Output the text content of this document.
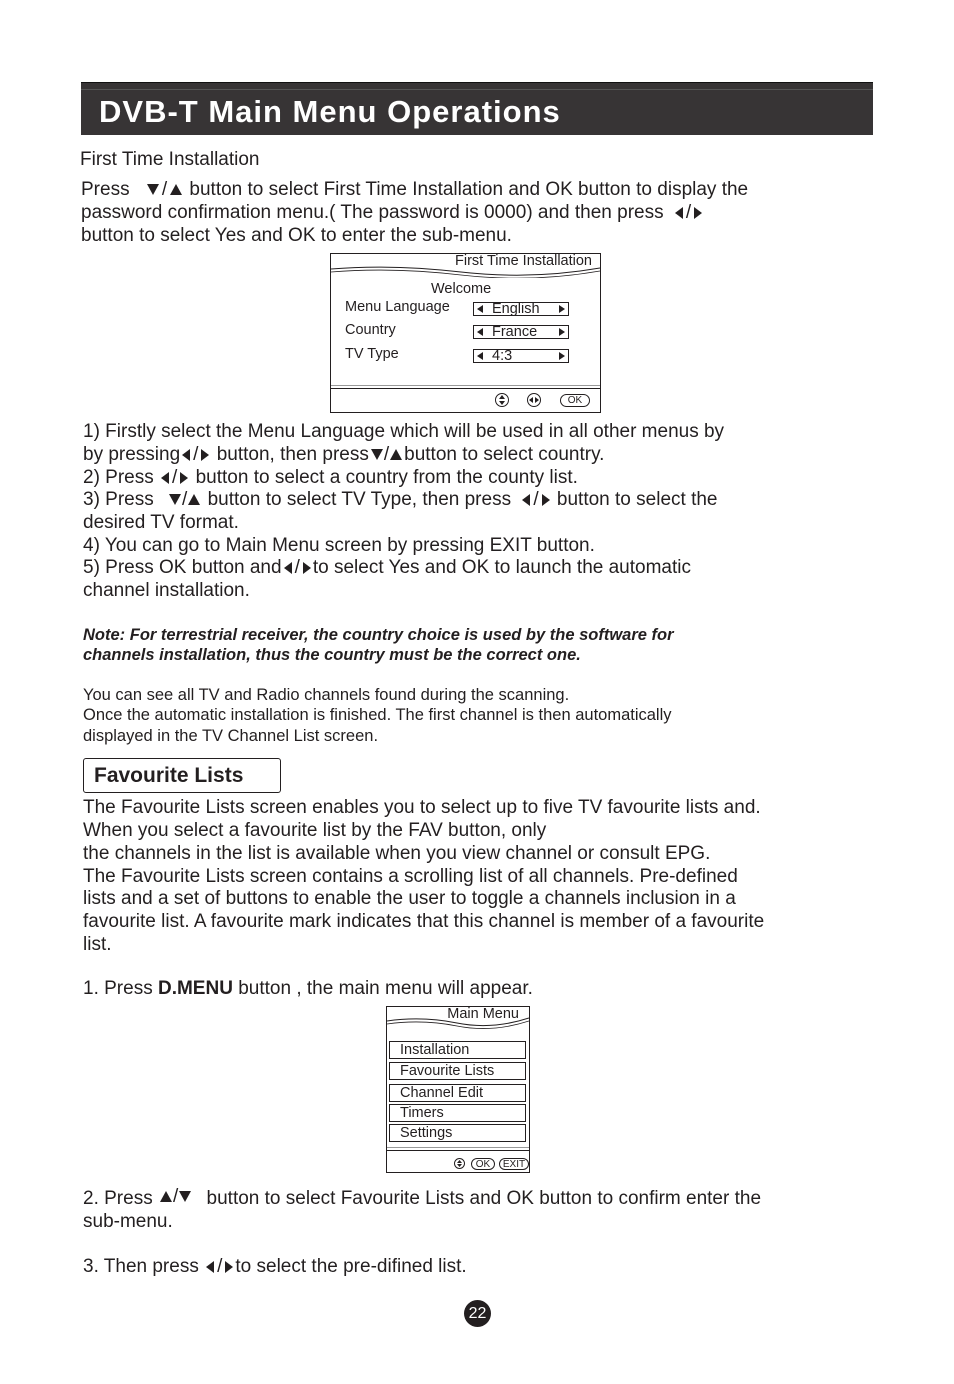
DVB-T Main Menu Operations
First Time Installation
Press / button to select First Time Installation and OK button to display the
password confirmation menu.( The password is 0000) and then press /
button to select Yes and OK to enter the sub-menu.
First Time Installation
Welcome
Menu Language	English
Country	France
TV Type	4:3
OK
1) Firstly select the Menu Language which will be used in all other menus by
by pressing / button, then press / button to select country.
2) Press / button to select a country from the county list.
3) Press / button to select TV Type, then press / button to select the
desired TV format.
4) You can go to Main Menu screen by pressing EXIT button.
5) Press OK button and / to select Yes and OK to launch the automatic
channel installation.
Note: For terrestrial receiver, the country choice is used by the software for
channels installation, thus the country must be the correct one.
You can see all TV and Radio channels found during the scanning.
Once the automatic installation is finished. The first channel is then automatically
displayed in the TV Channel List screen.
Favourite Lists
The Favourite Lists screen enables you to select up to five TV favourite lists and.
When you select a favourite list by the FAV button, only
the channels in the list is available when you view channel or consult EPG.
The Favourite Lists screen contains a scrolling list of all channels. Pre-defined
lists and a set of buttons to enable the user to toggle a channels inclusion in a
favourite list. A favourite mark indicates that this channel is member of a favourite
list.
1. Press D.MENU button , the main menu will appear.
Main Menu
Installation
Favourite Lists
Channel Edit
Timers
Settings
OK	EXIT
2. Press / button to select Favourite Lists and OK button to confirm enter the
sub-menu.
3. Then press / to select the pre-difined list.
22
